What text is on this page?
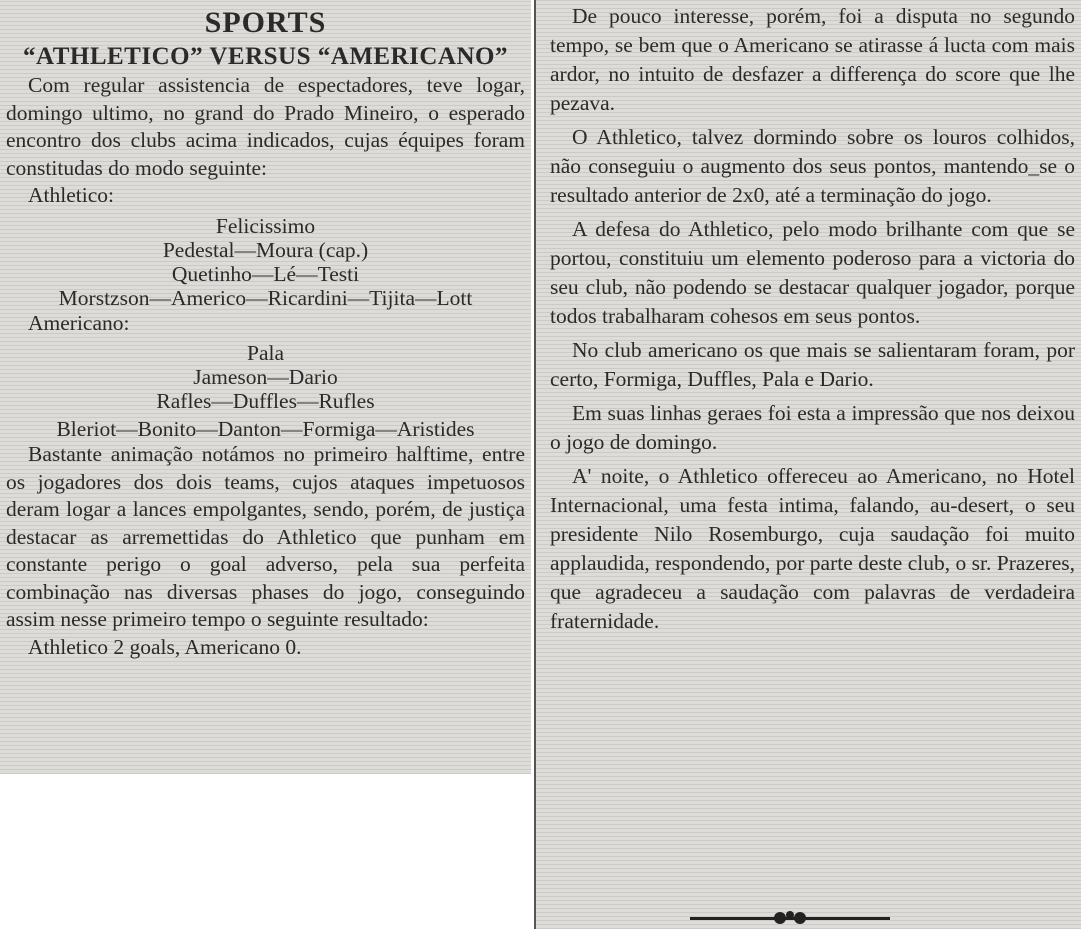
SPORTS
“ATHLETICO” VERSUS “AMERICANO”

Com regular assistencia de espectadores, teve logar, domingo ultimo, no grand do Prado Mineiro, o esperado encontro dos clubs acima indicados, cujas équipes foram constitudas do modo seguinte:

Athletico:
Felicissimo
Pedestal—Moura (cap.)
Quetinho—Lé—Testi
Morstzson—Americo—Ricardini—Tijita—Lott
Americano:
Pala
Jameson—Dario
Rafles—Duffles—Rufles
Bleriot—Bonito—Danton—Formiga—Aristides

Bastante animação notámos no primeiro halftime, entre os jogadores dos dois teams, cujos ataques impetuosos deram logar a lances empolgantes, sendo, porém, de justiça destacar as arremettidas do Athletico que punham em constante perigo o goal adverso, pela sua perfeita combinação nas diversas phases do jogo, conseguindo assim nesse primeiro tempo o seguinte resultado:

Athletico 2 goals, Americano 0.

De pouco interesse, porém, foi a disputa no segundo tempo, se bem que o Americano se atirasse á lucta com mais ardor, no intuito de desfazer a differença do score que lhe pezava.

O Athletico, talvez dormindo sobre os louros colhidos, não conseguiu o augmento dos seus pontos, mantendo_se o resultado anterior de 2x0, até a terminação do jogo.

A defesa do Athletico, pelo modo brilhante com que se portou, constituiu um elemento poderoso para a victoria do seu club, não podendo se destacar qualquer jogador, porque todos trabalharam cohesos em seus pontos.

No club americano os que mais se salientaram foram, por certo, Formiga, Duffles, Pala e Dario.

Em suas linhas geraes foi esta a impressão que nos deixou o jogo de domingo.

A' noite, o Athletico offereceu ao Americano, no Hotel Internacional, uma festa intima, falando, au-desert, o seu presidente Nilo Rosemburgo, cuja saudação foi muito applaudida, respondendo, por parte deste club, o sr. Prazeres, que agradeceu a saudação com palavras de verdadeira fraternidade.
